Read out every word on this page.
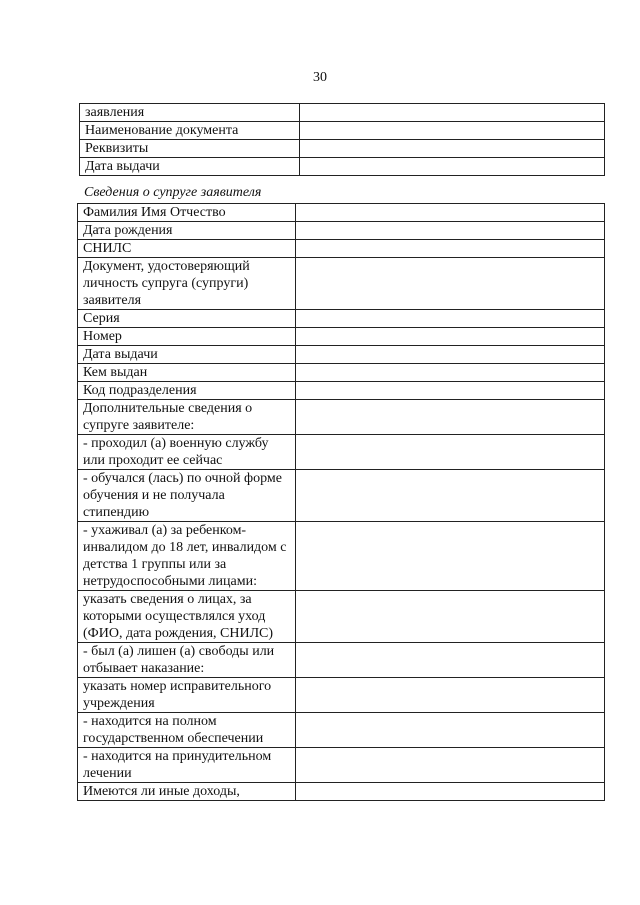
30
заявления	
Наименование документа	
Реквизиты	
Дата выдачи	
Сведения о супруге заявителя
Фамилия Имя Отчество	
Дата рождения	
СНИЛС	
Документ, удостоверяющий личность супруга (супруги) заявителя	
Серия	
Номер	
Дата выдачи	
Кем выдан	
Код подразделения	
Дополнительные сведения о супруге заявителе:	
- проходил (а) военную службу или проходит ее сейчас	
- обучался (лась) по очной форме обучения и не получала стипендию	
- ухаживал (а) за ребенком-инвалидом до 18 лет, инвалидом с детства 1 группы или за нетрудоспособными лицами:	
указать сведения о лицах, за которыми осуществлялся уход (ФИО, дата рождения, СНИЛС)	
- был (а) лишен (а) свободы или отбывает наказание:	
указать номер исправительного учреждения	
- находится на полном государственном обеспечении	
- находится на принудительном лечении	
Имеются ли иные доходы,	
